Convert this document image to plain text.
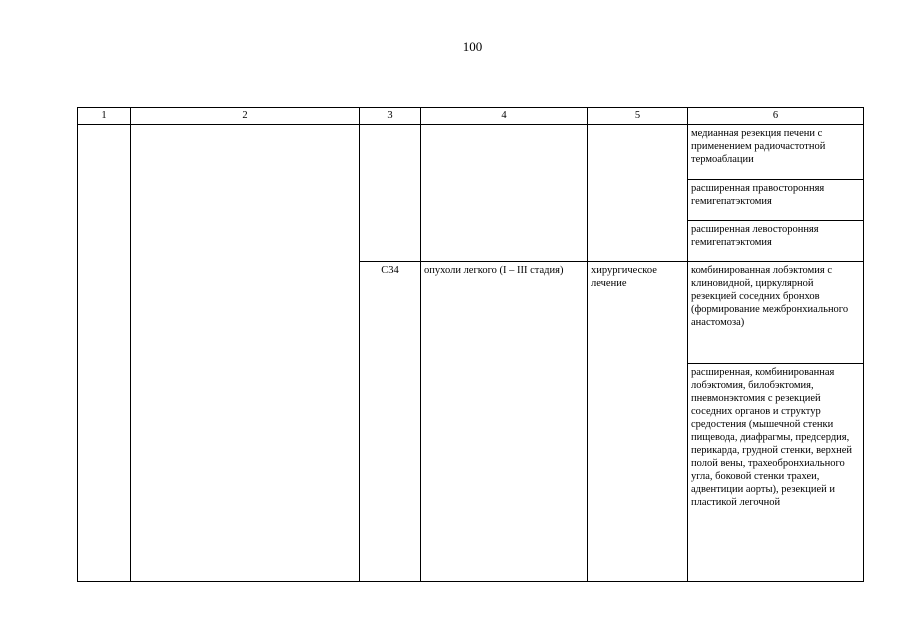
100
1	2	3	4	5	6
					медианная резекция печени с применением радиочастотной термоаблации
					расширенная правосторонняя гемигепатэктомия
					расширенная левосторонняя гемигепатэктомия
		C34	опухоли легкого (I – III стадия)	хирургическое лечение	комбинированная лобэктомия с клиновидной, циркулярной резекцией соседних бронхов (формирование межбронхиального анастомоза)
					расширенная, комбинированная лобэктомия, билобэктомия, пневмонэктомия с резекцией соседних органов и структур средостения (мышечной стенки пищевода, диафрагмы, предсердия, перикарда, грудной стенки, верхней полой вены, трахеобронхиального угла, боковой стенки трахеи, адвентиции аорты), резекцией и пластикой легочной
